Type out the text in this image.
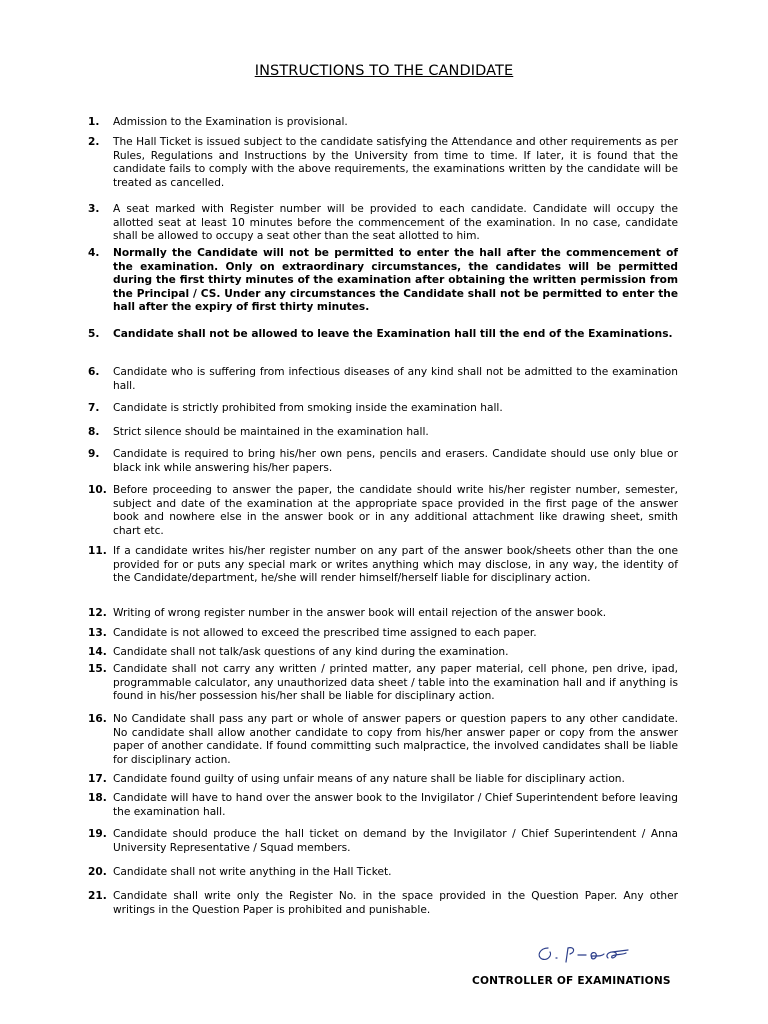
INSTRUCTIONS TO THE CANDIDATE
1.	Admission to the Examination is provisional.
2.	The Hall Ticket is issued subject to the candidate satisfying the Attendance and other requirements as per Rules, Regulations and Instructions by the University from time to time. If later, it is found that the candidate fails to comply with the above requirements, the examinations written by the candidate will be treated as cancelled.
3.	A seat marked with Register number will be provided to each candidate. Candidate will occupy the allotted seat at least 10 minutes before the commencement of the examination. In no case, candidate shall be allowed to occupy a seat other than the seat allotted to him.
4.	Normally the Candidate will not be permitted to enter the hall after the commencement of the examination. Only on extraordinary circumstances, the candidates will be permitted during the first thirty minutes of the examination after obtaining the written permission from the Principal / CS. Under any circumstances the Candidate shall not be permitted to enter the hall after the expiry of first thirty minutes.
5.	Candidate shall not be allowed to leave the Examination hall till the end of the Examinations.
6.	Candidate who is suffering from infectious diseases of any kind shall not be admitted to the examination hall.
7.	Candidate is strictly prohibited from smoking inside the examination hall.
8.	Strict silence should be maintained in the examination hall.
9.	Candidate is required to bring his/her own pens, pencils and erasers. Candidate should use only blue or black ink while answering his/her papers.
10. Before proceeding to answer the paper, the candidate should write his/her register number, semester, subject and date of the examination at the appropriate space provided in the first page of the answer book and nowhere else in the answer book or in any additional attachment like drawing sheet, smith chart etc.
11. If a candidate writes his/her register number on any part of the answer book/sheets other than the one provided for or puts any special mark or writes anything which may disclose, in any way, the identity of the Candidate/department, he/she will render himself/herself liable for disciplinary action.
12. Writing of wrong register number in the answer book will entail rejection of the answer book.
13. Candidate is not allowed to exceed the prescribed time assigned to each paper.
14. Candidate shall not talk/ask questions of any kind during the examination.
15. Candidate shall not carry any written / printed matter, any paper material, cell phone, pen drive, ipad, programmable calculator, any unauthorized data sheet / table into the examination hall and if anything is found in his/her possession his/her shall be liable for disciplinary action.
16. No Candidate shall pass any part or whole of answer papers or question papers to any other candidate. No candidate shall allow another candidate to copy from his/her answer paper or copy from the answer paper of another candidate. If found committing such malpractice, the involved candidates shall be liable for disciplinary action.
17. Candidate found guilty of using unfair means of any nature shall be liable for disciplinary action.
18. Candidate will have to hand over the answer book to the Invigilator / Chief Superintendent before leaving the examination hall.
19. Candidate should produce the hall ticket on demand by the Invigilator / Chief Superintendent / Anna University Representative / Squad members.
20. Candidate shall not write anything in the Hall Ticket.
21. Candidate shall write only the Register No. in the space provided in the Question Paper. Any other writings in the Question Paper is prohibited and punishable.
CONTROLLER OF EXAMINATIONS
